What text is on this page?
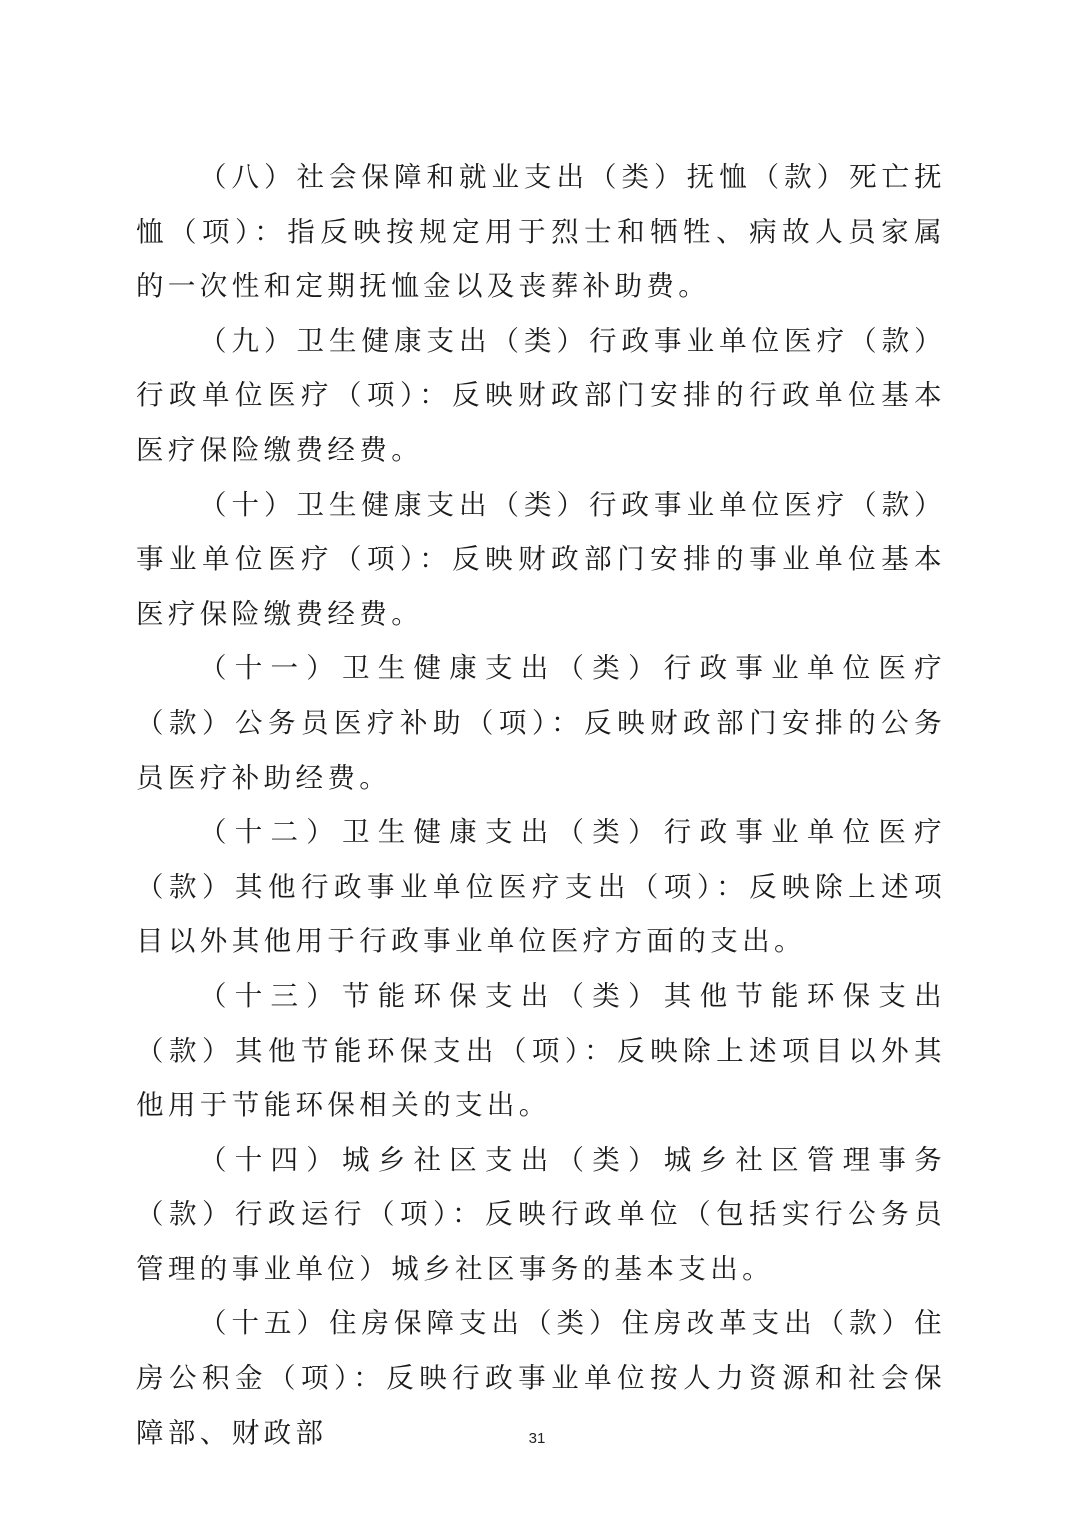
（八）社会保障和就业支出（类）抚恤（款）死亡抚恤（项）：指反映按规定用于烈士和牺牲、病故人员家属的一次性和定期抚恤金以及丧葬补助费。

（九）卫生健康支出（类）行政事业单位医疗（款）行政单位医疗（项）：反映财政部门安排的行政单位基本医疗保险缴费经费。

（十）卫生健康支出（类）行政事业单位医疗（款）事业单位医疗（项）：反映财政部门安排的事业单位基本医疗保险缴费经费。

（十一）卫生健康支出（类）行政事业单位医疗（款）公务员医疗补助（项）：反映财政部门安排的公务员医疗补助经费。

（十二）卫生健康支出（类）行政事业单位医疗（款）其他行政事业单位医疗支出（项）：反映除上述项目以外其他用于行政事业单位医疗方面的支出。

（十三）节能环保支出（类）其他节能环保支出（款）其他节能环保支出（项）：反映除上述项目以外其他用于节能环保相关的支出。

（十四）城乡社区支出（类）城乡社区管理事务（款）行政运行（项）：反映行政单位（包括实行公务员管理的事业单位）城乡社区事务的基本支出。

（十五）住房保障支出（类）住房改革支出（款）住房公积金（项）：反映行政事业单位按人力资源和社会保障部、财政部	31
